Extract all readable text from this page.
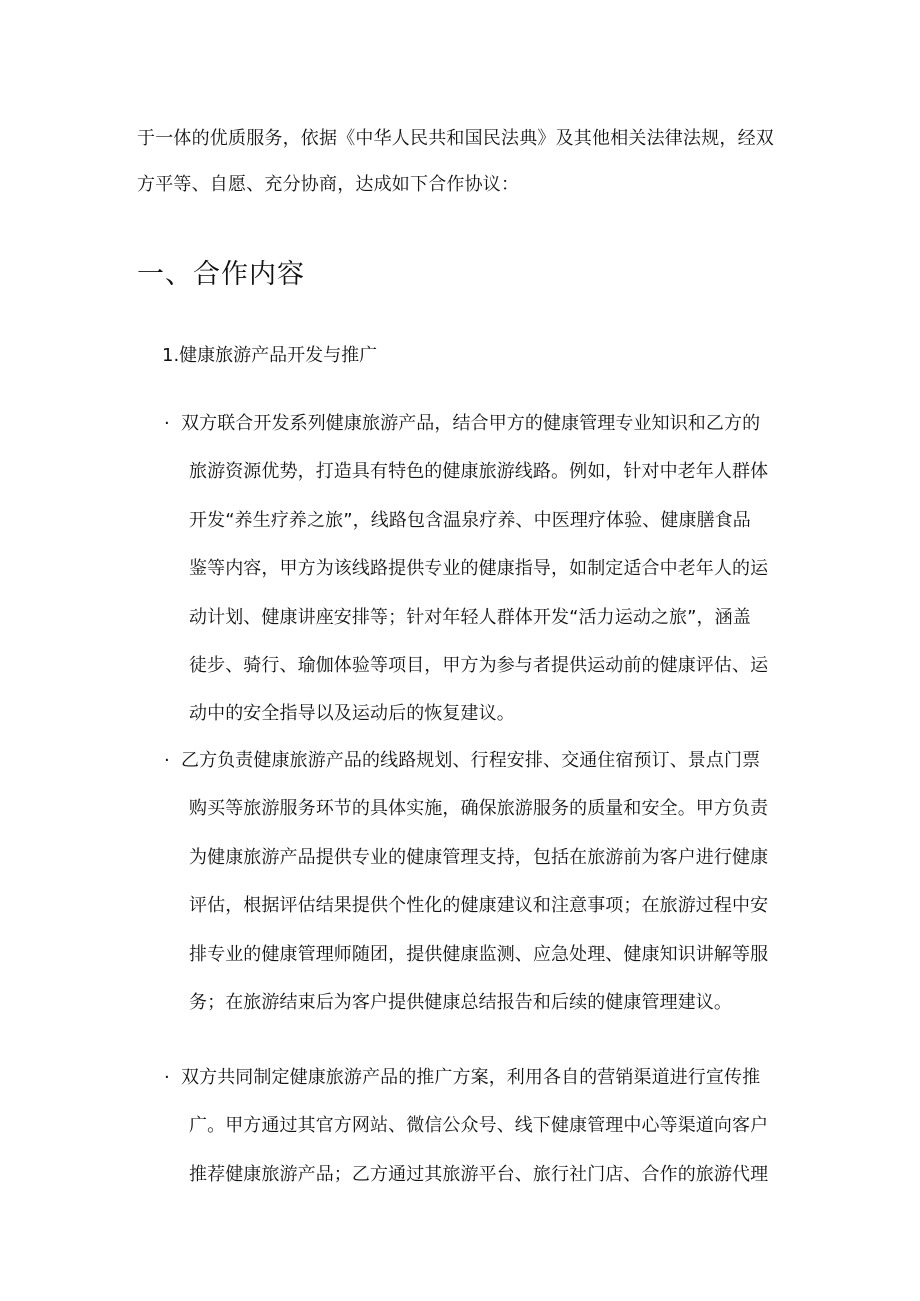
于一体的优质服务，依据《中华人民共和国民法典》及其他相关法律法规，经双
方平等、自愿、充分协商，达成如下合作协议：
一、合作内容
1.健康旅游产品开发与推广
· 双方联合开发系列健康旅游产品，结合甲方的健康管理专业知识和乙方的
旅游资源优势，打造具有特色的健康旅游线路。例如，针对中老年人群体
开发“养生疗养之旅”，线路包含温泉疗养、中医理疗体验、健康膳食品
鉴等内容，甲方为该线路提供专业的健康指导，如制定适合中老年人的运
动计划、健康讲座安排等；针对年轻人群体开发“活力运动之旅”，涵盖
徒步、骑行、瑜伽体验等项目，甲方为参与者提供运动前的健康评估、运
动中的安全指导以及运动后的恢复建议。
· 乙方负责健康旅游产品的线路规划、行程安排、交通住宿预订、景点门票
购买等旅游服务环节的具体实施，确保旅游服务的质量和安全。甲方负责
为健康旅游产品提供专业的健康管理支持，包括在旅游前为客户进行健康
评估，根据评估结果提供个性化的健康建议和注意事项；在旅游过程中安
排专业的健康管理师随团，提供健康监测、应急处理、健康知识讲解等服
务；在旅游结束后为客户提供健康总结报告和后续的健康管理建议。
· 双方共同制定健康旅游产品的推广方案，利用各自的营销渠道进行宣传推
广。甲方通过其官方网站、微信公众号、线下健康管理中心等渠道向客户
推荐健康旅游产品；乙方通过其旅游平台、旅行社门店、合作的旅游代理
